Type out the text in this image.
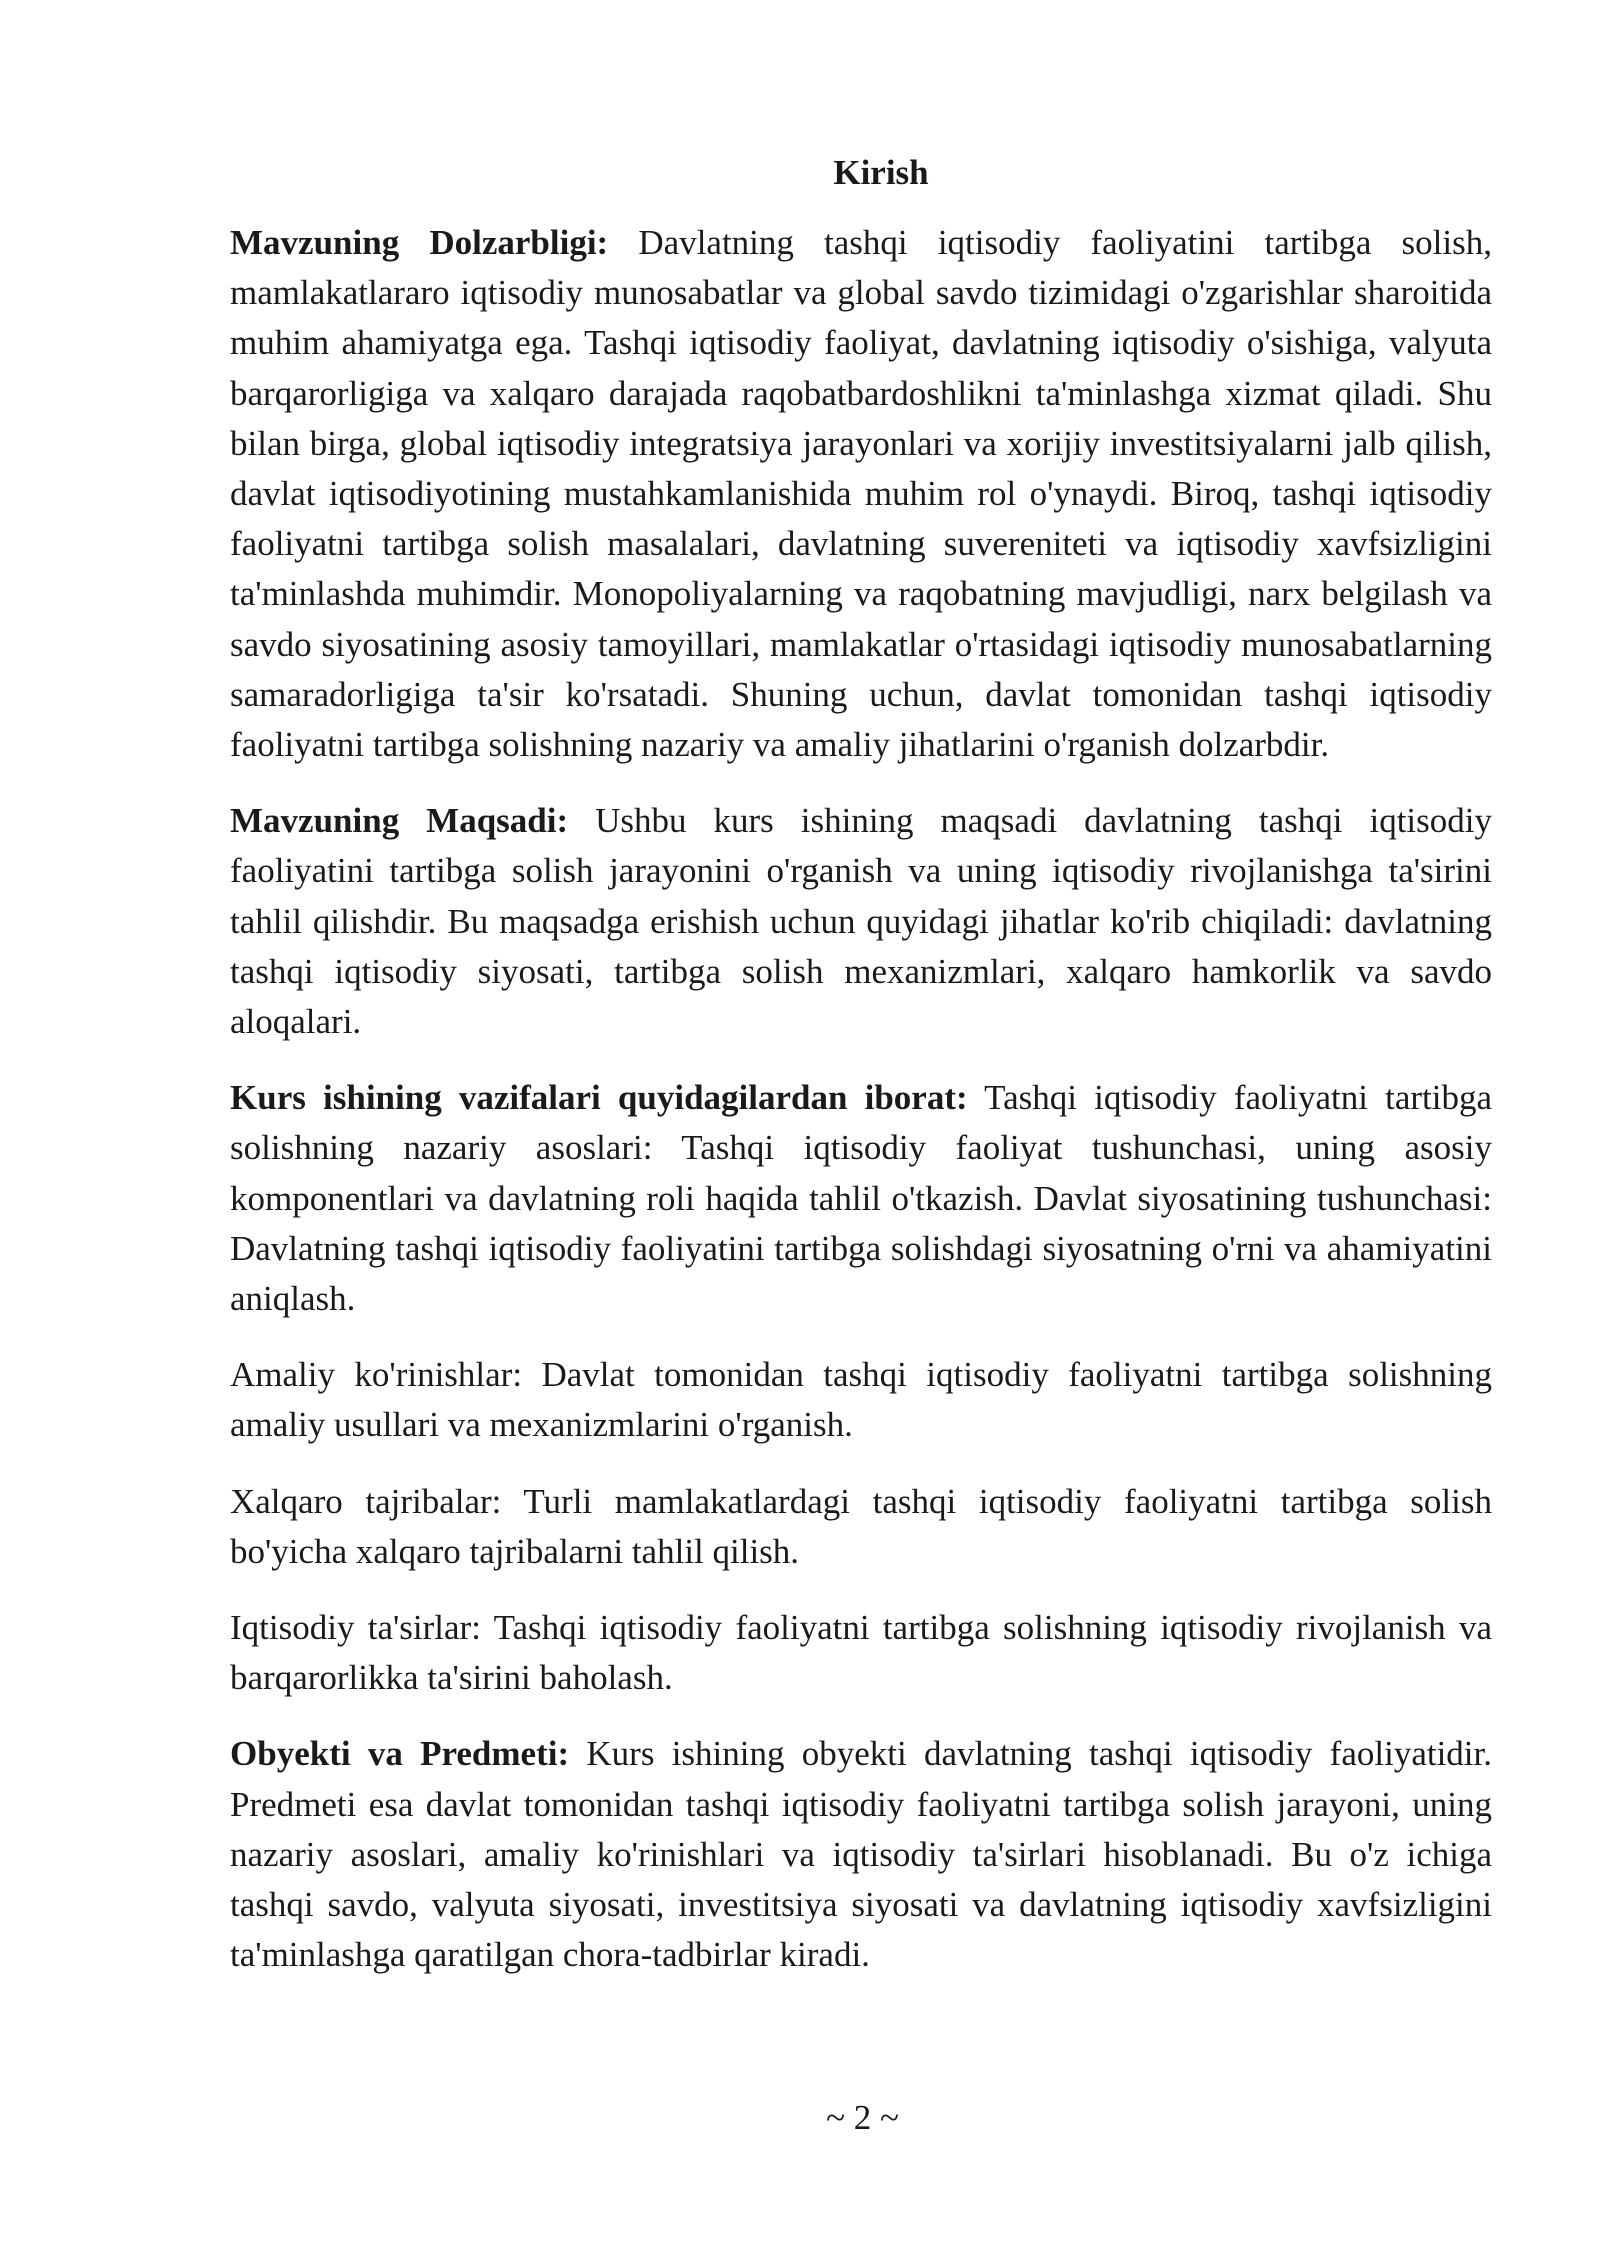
Kirish

Mavzuning Dolzarbligi: Davlatning tashqi iqtisodiy faoliyatini tartibga solish, mamlakatlararo iqtisodiy munosabatlar va global savdo tizimidagi o'zgarishlar sharoitida muhim ahamiyatga ega. Tashqi iqtisodiy faoliyat, davlatning iqtisodiy o'sishiga, valyuta barqarorligiga va xalqaro darajada raqobatbardoshlikni ta'minlashga xizmat qiladi. Shu bilan birga, global iqtisodiy integratsiya jarayonlari va xorijiy investitsiyalarni jalb qilish, davlat iqtisodiyotining mustahkamlanishida muhim rol o'ynaydi. Biroq, tashqi iqtisodiy faoliyatni tartibga solish masalalari, davlatning suvereniteti va iqtisodiy xavfsizligini ta'minlashda muhimdir. Monopoliyalarning va raqobatning mavjudligi, narx belgilash va savdo siyosatining asosiy tamoyillari, mamlakatlar o'rtasidagi iqtisodiy munosabatlarning samaradorligiga ta'sir ko'rsatadi. Shuning uchun, davlat tomonidan tashqi iqtisodiy faoliyatni tartibga solishning nazariy va amaliy jihatlarini o'rganish dolzarbdir.

Mavzuning Maqsadi: Ushbu kurs ishining maqsadi davlatning tashqi iqtisodiy faoliyatini tartibga solish jarayonini o'rganish va uning iqtisodiy rivojlanishga ta'sirini tahlil qilishdir. Bu maqsadga erishish uchun quyidagi jihatlar ko'rib chiqiladi: davlatning tashqi iqtisodiy siyosati, tartibga solish mexanizmlari, xalqaro hamkorlik va savdo aloqalari.

Kurs ishining vazifalari quyidagilardan iborat: Tashqi iqtisodiy faoliyatni tartibga solishning nazariy asoslari: Tashqi iqtisodiy faoliyat tushunchasi, uning asosiy komponentlari va davlatning roli haqida tahlil o'tkazish. Davlat siyosatining tushunchasi: Davlatning tashqi iqtisodiy faoliyatini tartibga solishdagi siyosatning o'rni va ahamiyatini aniqlash.

Amaliy ko'rinishlar: Davlat tomonidan tashqi iqtisodiy faoliyatni tartibga solishning amaliy usullari va mexanizmlarini o'rganish.

Xalqaro tajribalar: Turli mamlakatlardagi tashqi iqtisodiy faoliyatni tartibga solish bo'yicha xalqaro tajribalarni tahlil qilish.

Iqtisodiy ta'sirlar: Tashqi iqtisodiy faoliyatni tartibga solishning iqtisodiy rivojlanish va barqarorlikka ta'sirini baholash.

Obyekti va Predmeti: Kurs ishining obyekti davlatning tashqi iqtisodiy faoliyatidir. Predmeti esa davlat tomonidan tashqi iqtisodiy faoliyatni tartibga solish jarayoni, uning nazariy asoslari, amaliy ko'rinishlari va iqtisodiy ta'sirlari hisoblanadi. Bu o'z ichiga tashqi savdo, valyuta siyosati, investitsiya siyosati va davlatning iqtisodiy xavfsizligini ta'minlashga qaratilgan chora-tadbirlar kiradi.

~ 2 ~
